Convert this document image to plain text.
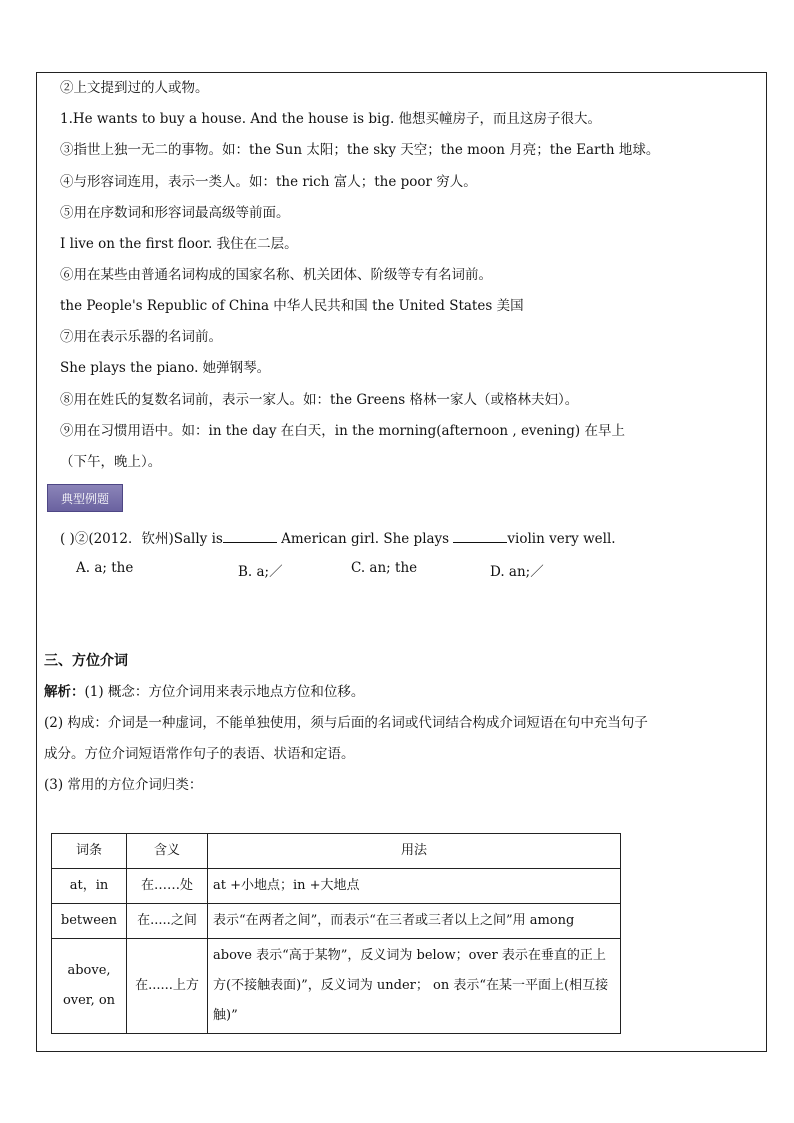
②上文提到过的人或物。
1.He wants to buy a house. And the house is big. 他想买幢房子，而且这房子很大。
③指世上独一无二的事物。如：the Sun 太阳；the sky 天空；the moon 月亮；the Earth 地球。
④与形容词连用，表示一类人。如：the rich 富人；the poor 穷人。
⑤用在序数词和形容词最高级等前面。
I live on the first floor. 我住在二层。
⑥用在某些由普通名词构成的国家名称、机关团体、阶级等专有名词前。
the People's Republic of China 中华人民共和国 the United States 美国
⑦用在表示乐器的名词前。
She plays the piano. 她弹钢琴。
⑧用在姓氏的复数名词前，表示一家人。如：the Greens 格林一家人（或格林夫妇）。
⑨用在习惯用语中。如：in the day 在白天，in the morning(afternoon , evening) 在早上
（下午，晚上）。
典型例题
( )②(2012．钦州)Sally is	American girl. She plays	violin very well.
A. a; the	B. a;／	C. an; the	D. an;／
三、方位介词
解析：(1) 概念：方位介词用来表示地点方位和位移。
(2) 构成：介词是一种虚词，不能单独使用，须与后面的名词或代词结合构成介词短语在句中充当句子
成分。方位介词短语常作句子的表语、状语和定语。
(3) 常用的方位介词归类：
词条	含义	用法
at，in	在……处	at +小地点；in +大地点
between	在.....之间	表示“在两者之间”，而表示“在三者或三者以上之间”用 among
above, over, on	在......上方	above 表示“高于某物”，反义词为 below；over 表示在垂直的正上方(不接触表面)”，反义词为 under； on 表示“在某一平面上(相互接触)”
